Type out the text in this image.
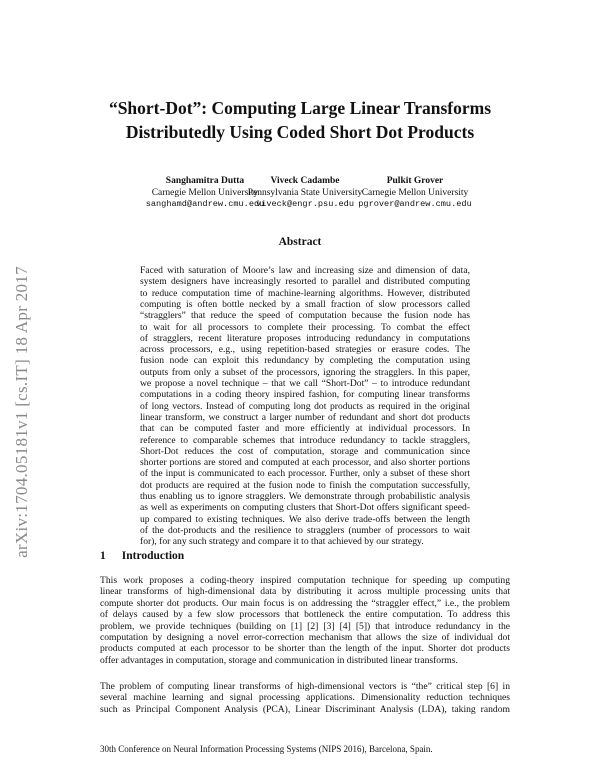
arXiv:1704.05181v1 [cs.IT] 18 Apr 2017
“Short-Dot”: Computing Large Linear Transforms
Distributedly Using Coded Short Dot Products
Sanghamitra Dutta
Carnegie Mellon University
sanghamd@andrew.cmu.edu
Viveck Cadambe
Pennsylvania State University
viveck@engr.psu.edu
Pulkit Grover
Carnegie Mellon University
pgrover@andrew.cmu.edu
Abstract
Faced with saturation of Moore’s law and increasing size and dimension of data,
system designers have increasingly resorted to parallel and distributed computing
to reduce computation time of machine-learning algorithms. However, distributed
computing is often bottle necked by a small fraction of slow processors called
“stragglers” that reduce the speed of computation because the fusion node has
to wait for all processors to complete their processing. To combat the effect
of stragglers, recent literature proposes introducing redundancy in computations
across processors, e.g., using repetition-based strategies or erasure codes. The
fusion node can exploit this redundancy by completing the computation using
outputs from only a subset of the processors, ignoring the stragglers. In this paper,
we propose a novel technique – that we call “Short-Dot” – to introduce redundant
computations in a coding theory inspired fashion, for computing linear transforms
of long vectors. Instead of computing long dot products as required in the original
linear transform, we construct a larger number of redundant and short dot products
that can be computed faster and more efficiently at individual processors. In
reference to comparable schemes that introduce redundancy to tackle stragglers,
Short-Dot reduces the cost of computation, storage and communication since
shorter portions are stored and computed at each processor, and also shorter portions
of the input is communicated to each processor. Further, only a subset of these short
dot products are required at the fusion node to finish the computation successfully,
thus enabling us to ignore stragglers. We demonstrate through probabilistic analysis
as well as experiments on computing clusters that Short-Dot offers significant speed-
up compared to existing techniques. We also derive trade-offs between the length
of the dot-products and the resilience to stragglers (number of processors to wait
for), for any such strategy and compare it to that achieved by our strategy.
1 Introduction
This work proposes a coding-theory inspired computation technique for speeding up computing
linear transforms of high-dimensional data by distributing it across multiple processing units that
compute shorter dot products. Our main focus is on addressing the “straggler effect,” i.e., the problem
of delays caused by a few slow processors that bottleneck the entire computation. To address this
problem, we provide techniques (building on [1] [2] [3] [4] [5]) that introduce redundancy in the
computation by designing a novel error-correction mechanism that allows the size of individual dot
products computed at each processor to be shorter than the length of the input. Shorter dot products
offer advantages in computation, storage and communication in distributed linear transforms.
The problem of computing linear transforms of high-dimensional vectors is “the” critical step [6] in
several machine learning and signal processing applications. Dimensionality reduction techniques
such as Principal Component Analysis (PCA), Linear Discriminant Analysis (LDA), taking random
30th Conference on Neural Information Processing Systems (NIPS 2016), Barcelona, Spain.
